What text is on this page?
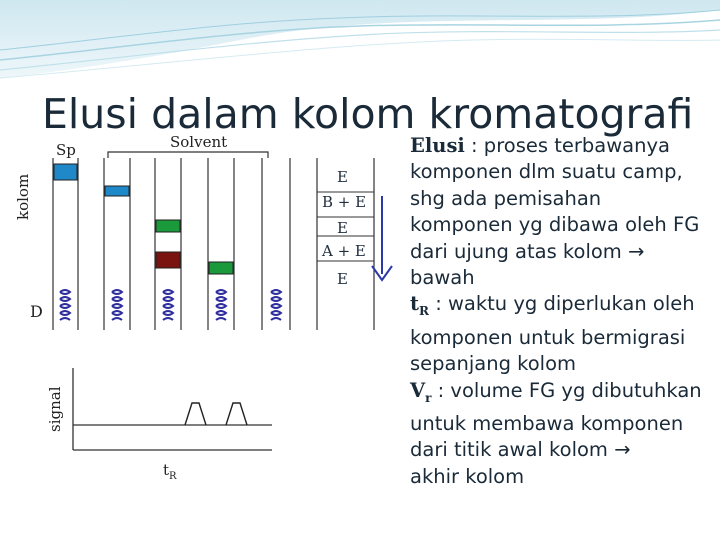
Elusi dalam kolom kromatografi
Solvent
Sp
kolom
D
signal
$t_R$
E
B + E
E
A + E
E
Elusi : proses terbawanya
komponen dlm suatu camp,
shg ada pemisahan
komponen yg dibawa oleh FG
dari ujung atas kolom →
bawah
$t_R$ : waktu yg diperlukan oleh
komponen untuk bermigrasi
sepanjang kolom
$V_r$ : volume FG yg dibutuhkan
untuk membawa komponen
dari titik awal kolom →
akhir kolom
